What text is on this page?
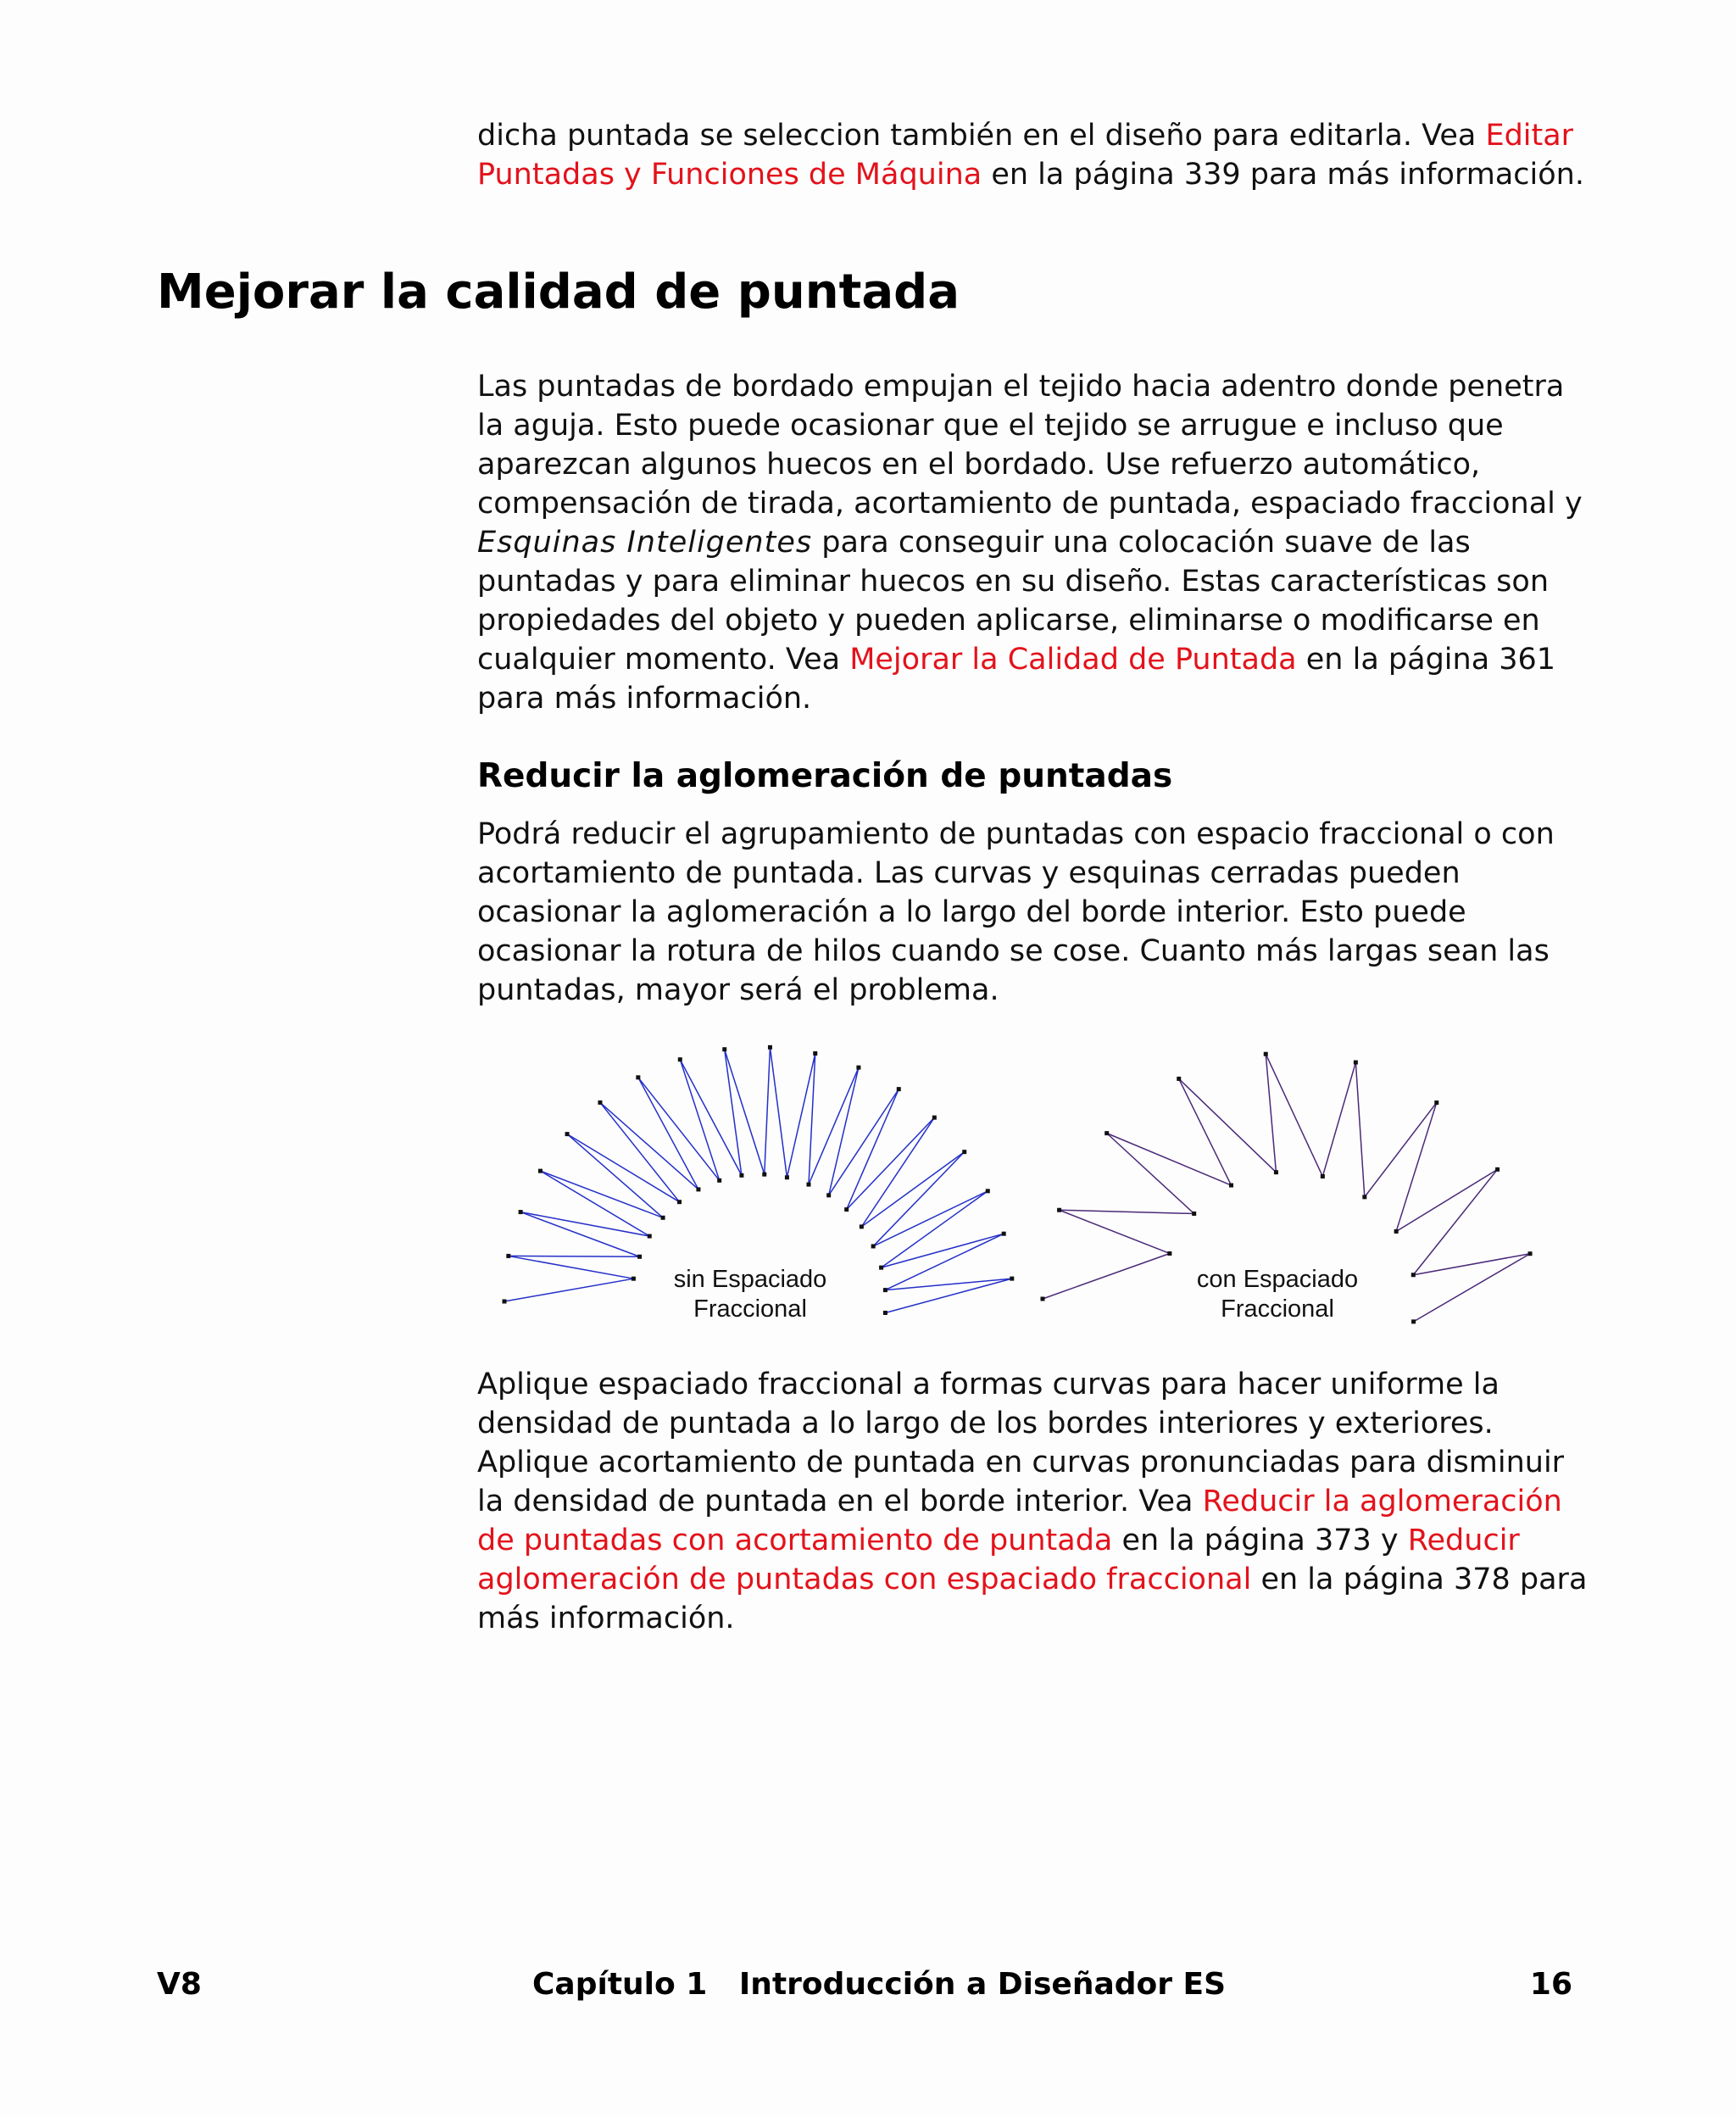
dicha puntada se seleccion también en el diseño para editarla. Vea Editar Puntadas y Funciones de Máquina en la página 339 para más información.

Mejorar la calidad de puntada

Las puntadas de bordado empujan el tejido hacia adentro donde penetra la aguja. Esto puede ocasionar que el tejido se arrugue e incluso que aparezcan algunos huecos en el bordado. Use refuerzo automático, compensación de tirada, acortamiento de puntada, espaciado fraccional y Esquinas Inteligentes para conseguir una colocación suave de las puntadas y para eliminar huecos en su diseño. Estas características son propiedades del objeto y pueden aplicarse, eliminarse o modificarse en cualquier momento. Vea Mejorar la Calidad de Puntada en la página 361 para más información.

Reducir la aglomeración de puntadas

Podrá reducir el agrupamiento de puntadas con espacio fraccional o con acortamiento de puntada. Las curvas y esquinas cerradas pueden ocasionar la aglomeración a lo largo del borde interior. Esto puede ocasionar la rotura de hilos cuando se cose. Cuanto más largas sean las puntadas, mayor será el problema.

sin Espaciado
Fraccional
con Espaciado
Fraccional

Aplique espaciado fraccional a formas curvas para hacer uniforme la densidad de puntada a lo largo de los bordes interiores y exteriores. Aplique acortamiento de puntada en curvas pronunciadas para disminuir la densidad de puntada en el borde interior. Vea Reducir la aglomeración de puntadas con acortamiento de puntada en la página 373 y Reducir aglomeración de puntadas con espaciado fraccional en la página 378 para más información.

V8	Capítulo 1   Introducción a Diseñador ES	16
